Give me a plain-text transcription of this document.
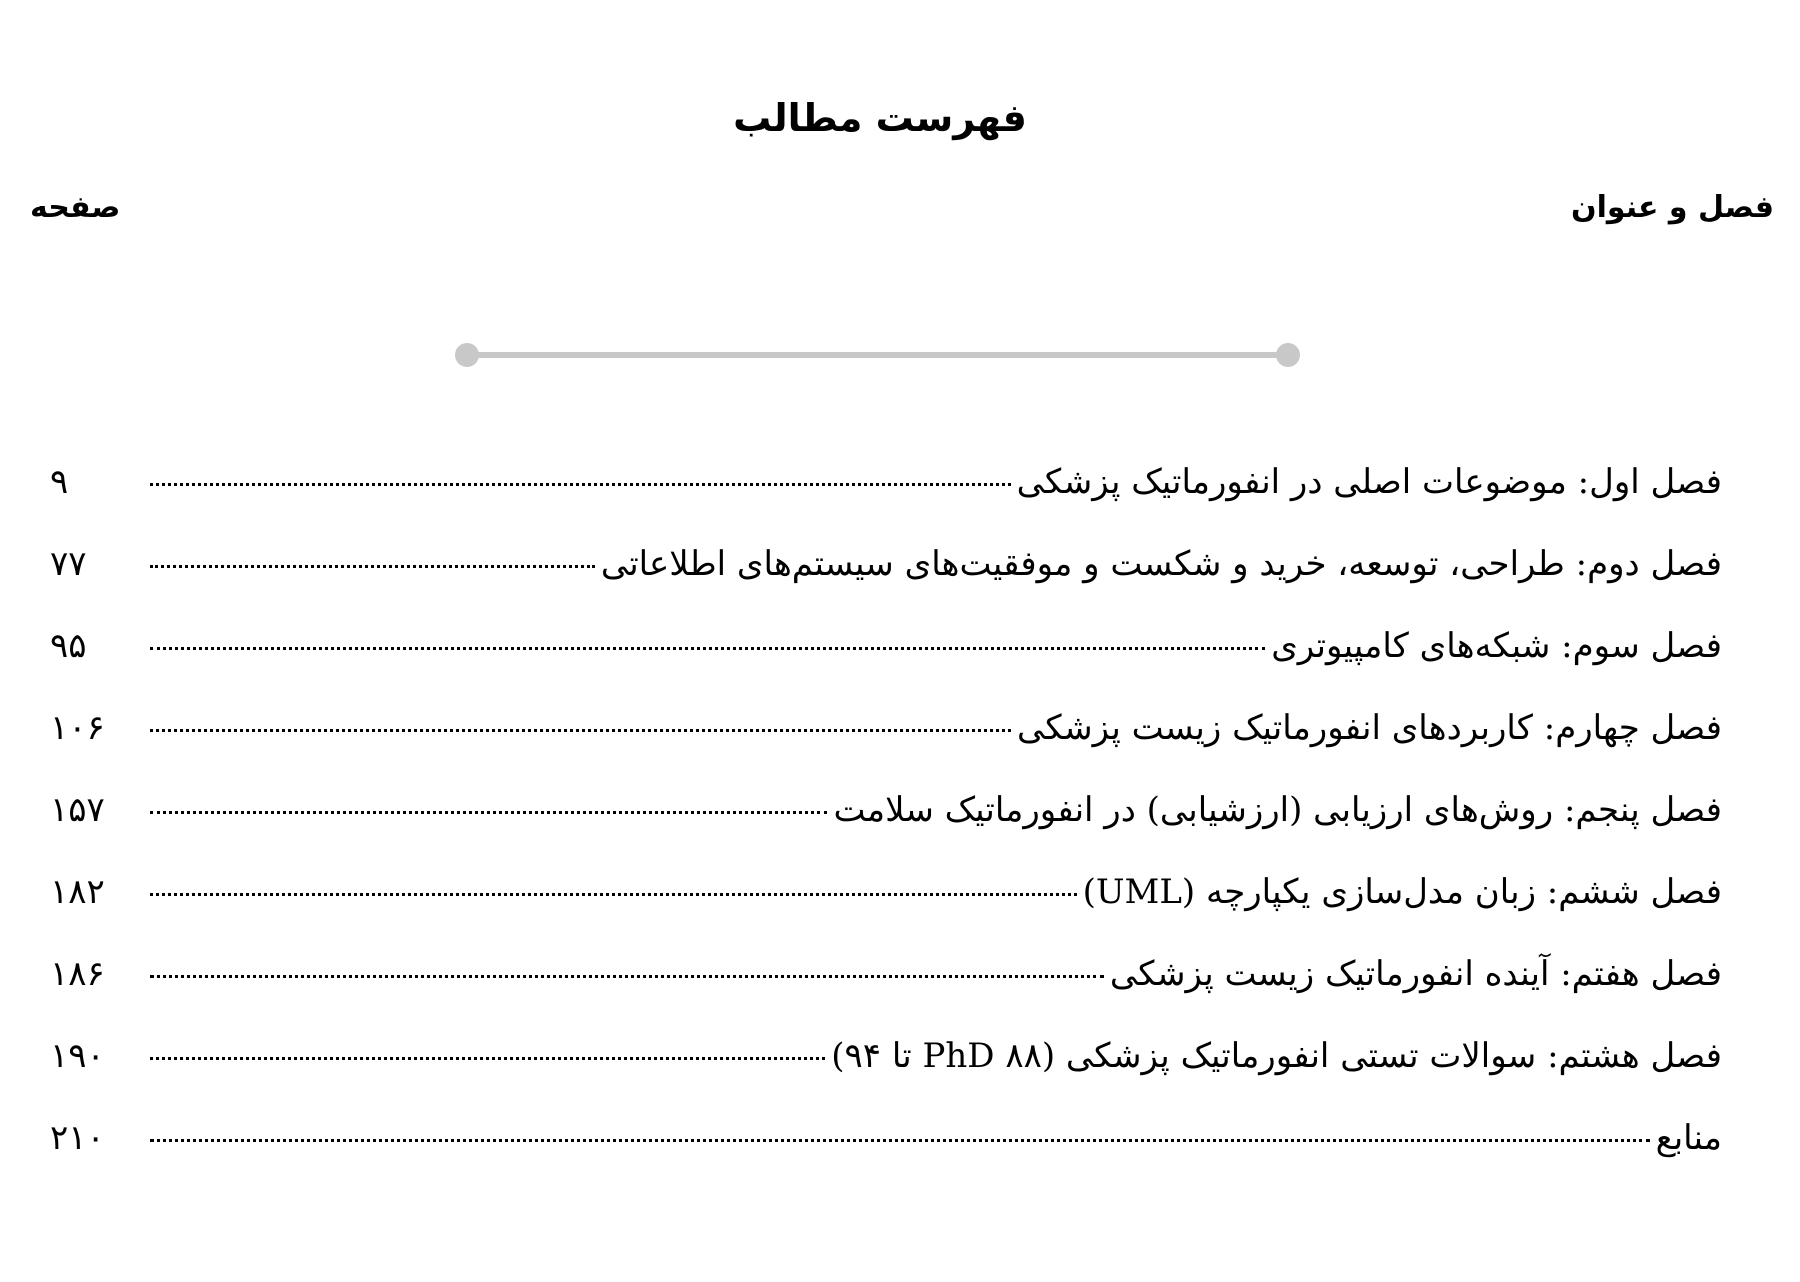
فهرست مطالب
فصل و عنوان
صفحه
فصل اول: موضوعات اصلی در انفورماتیک پزشکی
۹
فصل دوم: طراحی، توسعه، خرید و شکست و موفقیت‌های سیستم‌های اطلاعاتی
۷۷
فصل سوم: شبکه‌های کامپیوتری
۹۵
فصل چهارم: کاربردهای انفورماتیک زیست پزشکی
۱۰۶
فصل پنجم: روش‌های ارزیابی (ارزشیابی) در انفورماتیک سلامت
۱۵۷
فصل ششم: زبان مدل‌سازی یکپارچه (UML)
۱۸۲
فصل هفتم: آینده انفورماتیک زیست پزشکی
۱۸۶
فصل هشتم: سوالات تستی انفورماتیک پزشکی (PhD ۸۸ تا ۹۴)
۱۹۰
منابع
۲۱۰
